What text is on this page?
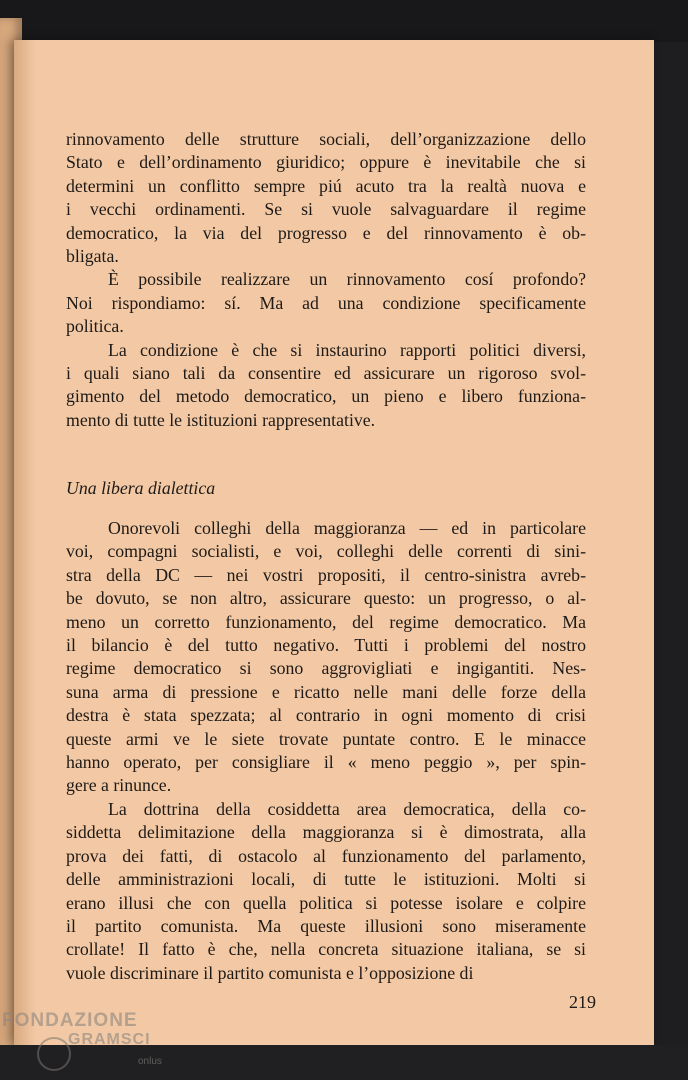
rinnovamento delle strutture sociali, dell’organizzazione dello
Stato e dell’ordinamento giuridico; oppure è inevitabile che si
determini un conflitto sempre piú acuto tra la realtà nuova e
i vecchi ordinamenti. Se si vuole salvaguardare il regime
democratico, la via del progresso e del rinnovamento è ob-
bligata.
È possibile realizzare un rinnovamento cosí profondo?
Noi rispondiamo: sí. Ma ad una condizione specificamente
politica.
La condizione è che si instaurino rapporti politici diversi,
i quali siano tali da consentire ed assicurare un rigoroso svol-
gimento del metodo democratico, un pieno e libero funziona-
mento di tutte le istituzioni rappresentative.
Una libera dialettica
Onorevoli colleghi della maggioranza — ed in particolare
voi, compagni socialisti, e voi, colleghi delle correnti di sini-
stra della DC — nei vostri propositi, il centro-sinistra avreb-
be dovuto, se non altro, assicurare questo: un progresso, o al-
meno un corretto funzionamento, del regime democratico. Ma
il bilancio è del tutto negativo. Tutti i problemi del nostro
regime democratico si sono aggrovigliati e ingigantiti. Nes-
suna arma di pressione e ricatto nelle mani delle forze della
destra è stata spezzata; al contrario in ogni momento di crisi
queste armi ve le siete trovate puntate contro. E le minacce
hanno operato, per consigliare il « meno peggio », per spin-
gere a rinunce.
La dottrina della cosiddetta area democratica, della co-
siddetta delimitazione della maggioranza si è dimostrata, alla
prova dei fatti, di ostacolo al funzionamento del parlamento,
delle amministrazioni locali, di tutte le istituzioni. Molti si
erano illusi che con quella politica si potesse isolare e colpire
il partito comunista. Ma queste illusioni sono miseramente
crollate! Il fatto è che, nella concreta situazione italiana, se si
vuole discriminare il partito comunista e l’opposizione di
219
FONDAZIONE
GRAMSCI
onlus
